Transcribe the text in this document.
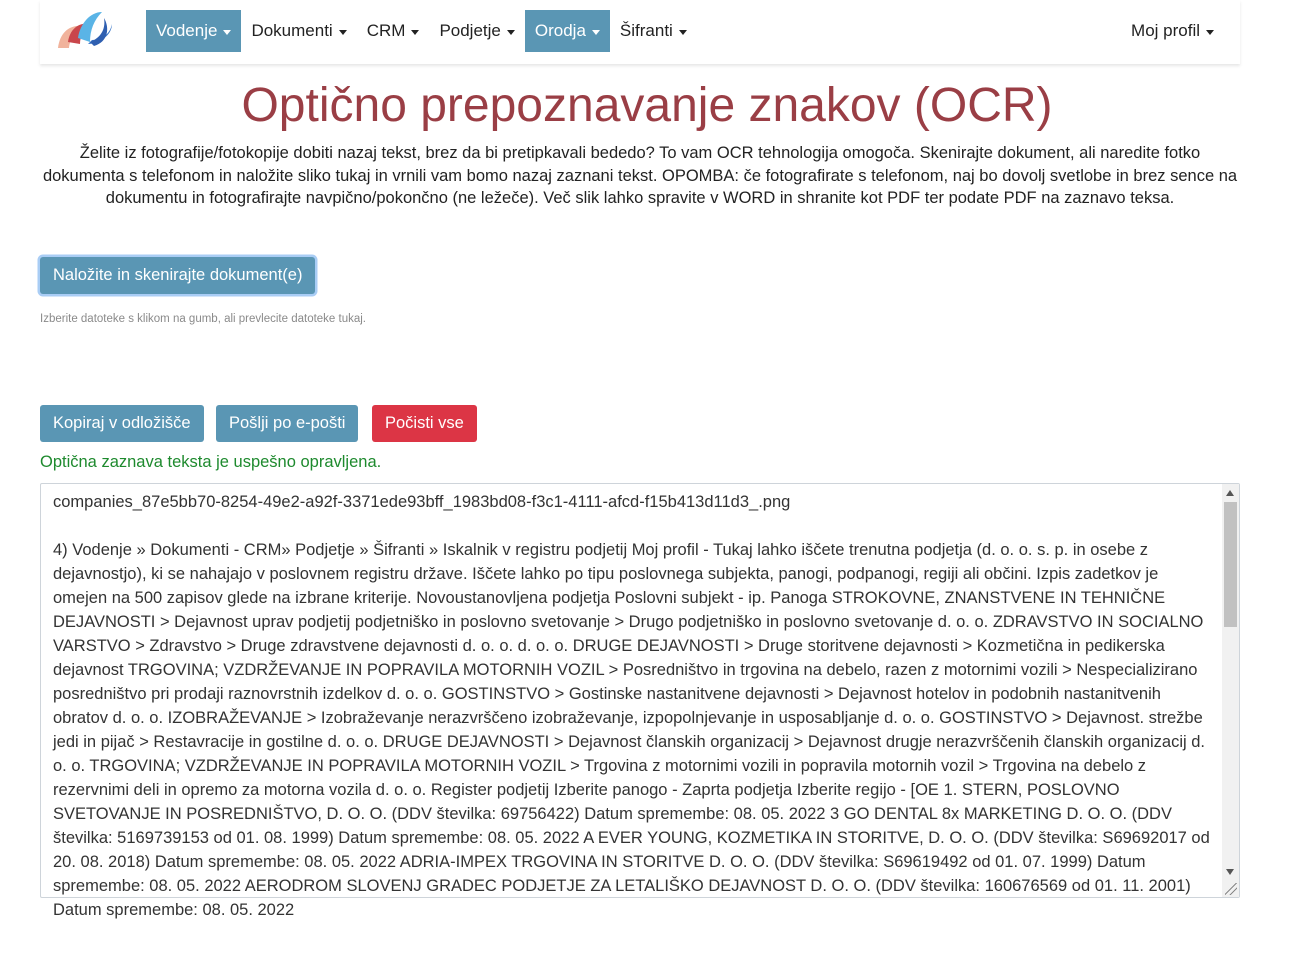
Vodenje Dokumenti CRM Podjetje Orodja Šifranti	Moj profil
Optično prepoznavanje znakov (OCR)

Želite iz fotografije/fotokopije dobiti nazaj tekst, brez da bi pretipkavali bededo? To vam OCR tehnologija omogoča. Skenirajte dokument, ali naredite fotko dokumenta s telefonom in naložite sliko tukaj in vrnili vam bomo nazaj zaznani tekst. OPOMBA: če fotografirate s telefonom, naj bo dovolj svetlobe in brez sence na dokumentu in fotografirajte navpično/pokončno (ne ležeče). Več slik lahko spravite v WORD in shranite kot PDF ter podate PDF na zaznavo teksa.

Naložite in skenirajte dokument(e)
Izberite datoteke s klikom na gumb, ali prevlecite datoteke tukaj.
Kopiraj v odložišče	Pošlji po e-pošti	Počisti vse
Optična zaznava teksta je uspešno opravljena.
companies_87e5bb70-8254-49e2-a92f-3371ede93bff_1983bd08-f3c1-4111-afcd-f15b413d11d3_.png

4) Vodenje » Dokumenti - CRM» Podjetje » Šifranti » Iskalnik v registru podjetij Moj profil - Tukaj lahko iščete trenutna podjetja (d. o. o. s. p. in osebe z dejavnostjo), ki se nahajajo v poslovnem registru države. Iščete lahko po tipu poslovnega subjekta, panogi, podpanogi, regiji ali občini. Izpis zadetkov je omejen na 500 zapisov glede na izbrane kriterije. Novoustanovljena podjetja Poslovni subjekt - ip. Panoga STROKOVNE, ZNANSTVENE IN TEHNIČNE DEJAVNOSTI > Dejavnost uprav podjetij podjetniško in poslovno svetovanje > Drugo podjetniško in poslovno svetovanje d. o. o. ZDRAVSTVO IN SOCIALNO VARSTVO > Zdravstvo > Druge zdravstvene dejavnosti d. o. o. d. o. o. DRUGE DEJAVNOSTI > Druge storitvene dejavnosti > Kozmetična in pedikerska dejavnost TRGOVINA; VZDRŽEVANJE IN POPRAVILA MOTORNIH VOZIL > Posredništvo in trgovina na debelo, razen z motornimi vozili > Nespecializirano posredništvo pri prodaji raznovrstnih izdelkov d. o. o. GOSTINSTVO > Gostinske nastanitvene dejavnosti > Dejavnost hotelov in podobnih nastanitvenih obratov d. o. o. IZOBRAŽEVANJE > Izobraževanje nerazvrščeno izobraževanje, izpopolnjevanje in usposabljanje d. o. o. GOSTINSTVO > Dejavnost. strežbe jedi in pijač > Restavracije in gostilne d. o. o. DRUGE DEJAVNOSTI > Dejavnost članskih organizacij > Dejavnost drugje nerazvrščenih članskih organizacij d. o. o. TRGOVINA; VZDRŽEVANJE IN POPRAVILA MOTORNIH VOZIL > Trgovina z motornimi vozili in popravila motornih vozil > Trgovina na debelo z rezervnimi deli in opremo za motorna vozila d. o. o. Register podjetij Izberite panogo - Zaprta podjetja Izberite regijo - [OE 1. STERN, POSLOVNO SVETOVANJE IN POSREDNIŠTVO, D. O. O. (DDV številka: 69756422) Datum spremembe: 08. 05. 2022 3 GO DENTAL 8x MARKETING D. O. O. (DDV številka: 5169739153 od 01. 08. 1999) Datum spremembe: 08. 05. 2022 A EVER YOUNG, KOZMETIKA IN STORITVE, D. O. O. (DDV številka: S69692017 od 20. 08. 2018) Datum spremembe: 08. 05. 2022 ADRIA-IMPEX TRGOVINA IN STORITVE D. O. O. (DDV številka: S69619492 od 01. 07. 1999) Datum spremembe: 08. 05. 2022 AERODROM SLOVENJ GRADEC PODJETJE ZA LETALIŠKO DEJAVNOST D. O. O. (DDV številka: 160676569 od 01. 11. 2001) Datum spremembe: 08. 05. 2022
